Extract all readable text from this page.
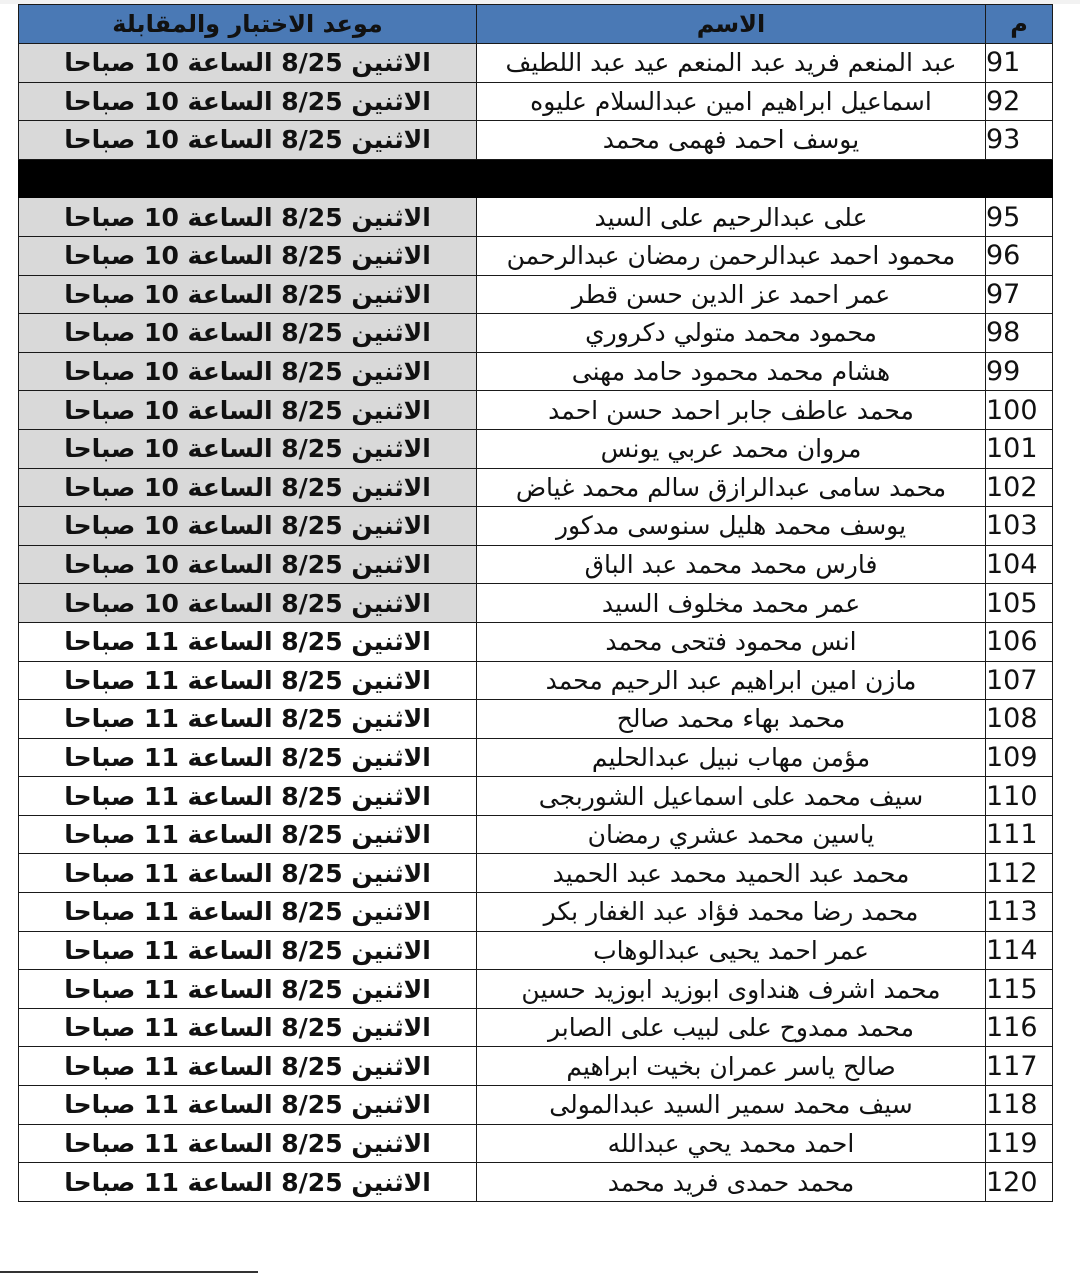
م	الاسم	موعد الاختبار والمقابلة
91	عبد المنعم فريد عبد المنعم عيد عبد اللطيف	الاثنين 8/25 الساعة 10 صباحا
92	اسماعيل ابراهيم امين عبدالسلام عليوه	الاثنين 8/25 الساعة 10 صباحا
93	يوسف احمد فهمى محمد	الاثنين 8/25 الساعة 10 صباحا

95	على عبدالرحيم على السيد	الاثنين 8/25 الساعة 10 صباحا
96	محمود احمد عبدالرحمن رمضان عبدالرحمن	الاثنين 8/25 الساعة 10 صباحا
97	عمر احمد عز الدين حسن قطر	الاثنين 8/25 الساعة 10 صباحا
98	محمود محمد متولي دكروري	الاثنين 8/25 الساعة 10 صباحا
99	هشام محمد محمود حامد مهنى	الاثنين 8/25 الساعة 10 صباحا
100	محمد عاطف جابر احمد حسن احمد	الاثنين 8/25 الساعة 10 صباحا
101	مروان محمد عربي يونس	الاثنين 8/25 الساعة 10 صباحا
102	محمد سامى عبدالرازق سالم محمد غياض	الاثنين 8/25 الساعة 10 صباحا
103	يوسف محمد هليل سنوسى مدكور	الاثنين 8/25 الساعة 10 صباحا
104	فارس محمد محمد عبد الباق	الاثنين 8/25 الساعة 10 صباحا
105	عمر محمد مخلوف السيد	الاثنين 8/25 الساعة 10 صباحا
106	انس محمود فتحى محمد	الاثنين 8/25 الساعة 11 صباحا
107	مازن امين ابراهيم عبد الرحيم محمد	الاثنين 8/25 الساعة 11 صباحا
108	محمد بهاء محمد صالح	الاثنين 8/25 الساعة 11 صباحا
109	مؤمن مهاب نبيل عبدالحليم	الاثنين 8/25 الساعة 11 صباحا
110	سيف محمد على اسماعيل الشوربجى	الاثنين 8/25 الساعة 11 صباحا
111	ياسين محمد عشري رمضان	الاثنين 8/25 الساعة 11 صباحا
112	محمد عبد الحميد محمد عبد الحميد	الاثنين 8/25 الساعة 11 صباحا
113	محمد رضا محمد فؤاد عبد الغفار بكر	الاثنين 8/25 الساعة 11 صباحا
114	عمر احمد يحيى عبدالوهاب	الاثنين 8/25 الساعة 11 صباحا
115	محمد اشرف هنداوى ابوزيد ابوزيد حسين	الاثنين 8/25 الساعة 11 صباحا
116	محمد ممدوح على لبيب على الصابر	الاثنين 8/25 الساعة 11 صباحا
117	صالح ياسر عمران بخيت ابراهيم	الاثنين 8/25 الساعة 11 صباحا
118	سيف محمد سمير السيد عبدالمولى	الاثنين 8/25 الساعة 11 صباحا
119	احمد محمد يحي عبدالله	الاثنين 8/25 الساعة 11 صباحا
120	محمد حمدى فريد محمد	الاثنين 8/25 الساعة 11 صباحا
